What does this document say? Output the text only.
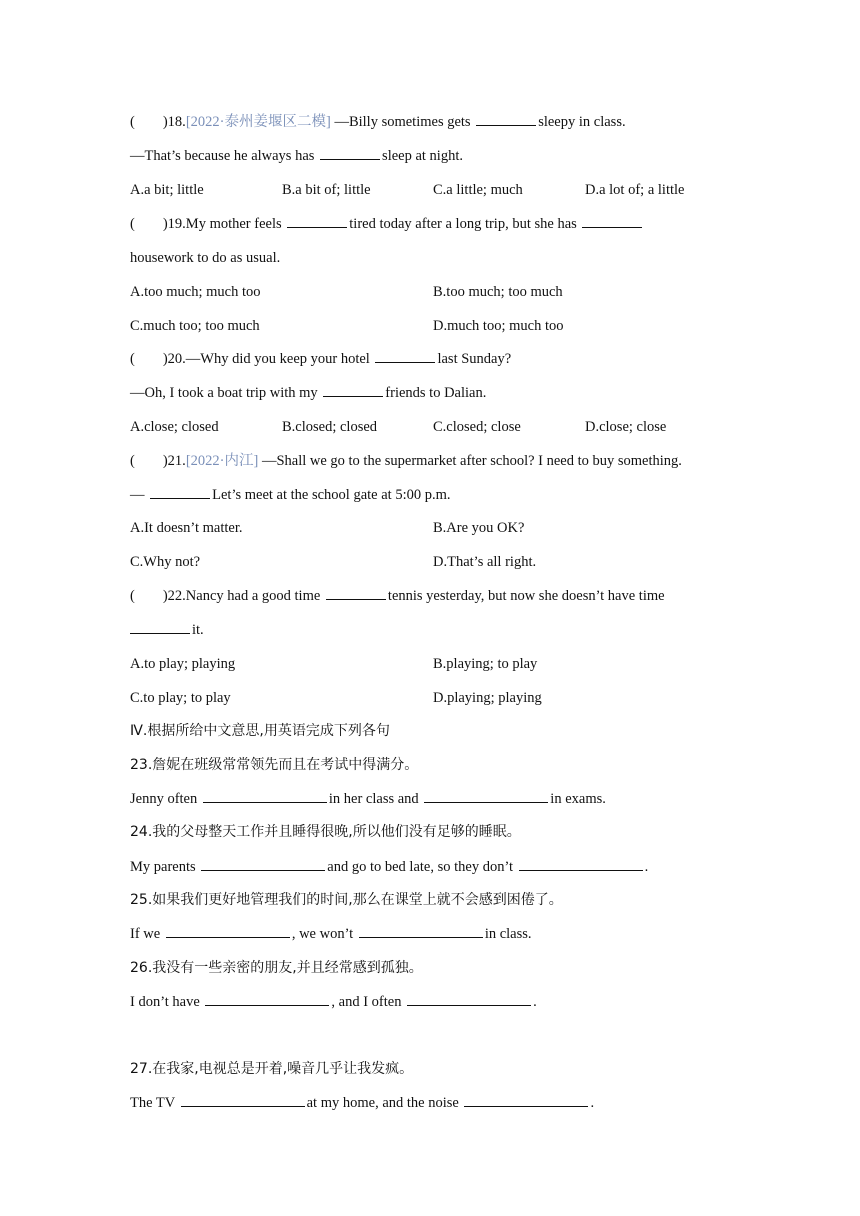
( )18.[2022·泰州姜堰区二模] —Billy sometimes gets	sleepy in class.
—That’s because he always has	sleep at night.
A.a bit; little	B.a bit of; little	C.a little; much	D.a lot of; a little
( )19.My mother feels	tired today after a long trip, but she has
housework to do as usual.
A.too much; much too	B.too much; too much
C.much too; too much	D.much too; much too
( )20.—Why did you keep your hotel	last Sunday?
—Oh, I took a boat trip with my	friends to Dalian.
A.close; closed	B.closed; closed	C.closed; close	D.close; close
( )21.[2022·内江] —Shall we go to the supermarket after school? I need to buy something.
—	Let’s meet at the school gate at 5:00 p.m.
A.It doesn’t matter.	B.Are you OK?
C.Why not?	D.That’s all right.
( )22.Nancy had a good time	tennis yesterday, but now she doesn’t have time
it.
A.to play; playing	B.playing; to play
C.to play; to play	D.playing; playing
Ⅳ.根据所给中文意思,用英语完成下列各句
23.詹妮在班级常常领先而且在考试中得满分。
Jenny often	in her class and	in exams.
24.我的父母整天工作并且睡得很晚,所以他们没有足够的睡眠。
My parents	and go to bed late, so they don’t	.
25.如果我们更好地管理我们的时间,那么在课堂上就不会感到困倦了。
If we	, we won’t	in class.
26.我没有一些亲密的朋友,并且经常感到孤独。
I don’t have	, and I often	.
27.在我家,电视总是开着,噪音几乎让我发疯。
The TV	at my home, and the noise	.
